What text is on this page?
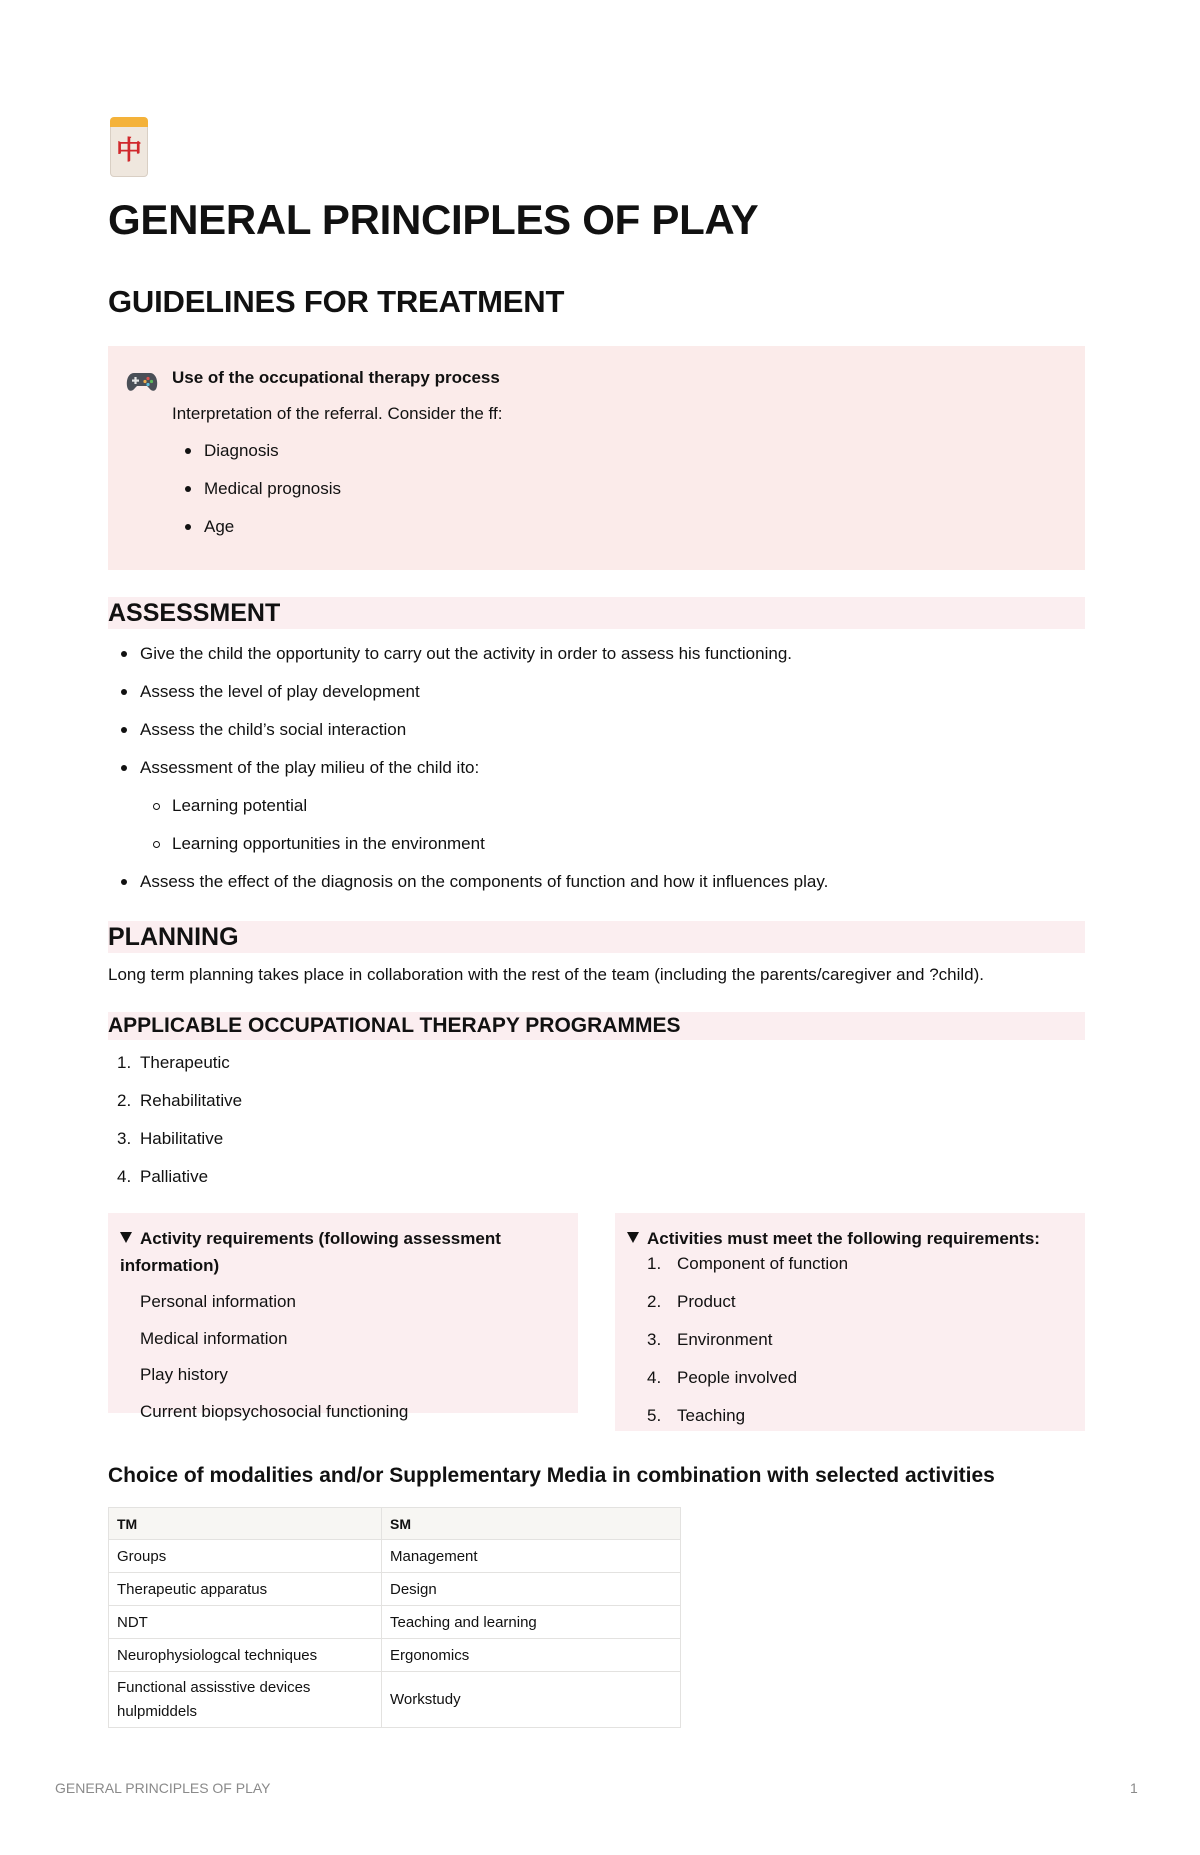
中
GENERAL PRINCIPLES OF PLAY
GUIDELINES FOR TREATMENT
Use of the occupational therapy process
Interpretation of the referral. Consider the ff:
Diagnosis
Medical prognosis
Age
ASSESSMENT
Give the child the opportunity to carry out the activity in order to assess his functioning.
Assess the level of play development
Assess the child’s social interaction
Assessment of the play milieu of the child ito:
Learning potential
Learning opportunities in the environment
Assess the effect of the diagnosis on the components of function and how it influences play.
PLANNING
Long term planning takes place in collaboration with the rest of the team (including the parents/caregiver and ?child).
APPLICABLE OCCUPATIONAL THERAPY PROGRAMMES
1. Therapeutic
2. Rehabilitative
3. Habilitative
4. Palliative
Activity requirements (following assessment information)
Personal information
Medical information
Play history
Current biopsychosocial functioning
Activities must meet the following requirements:
1. Component of function
2. Product
3. Environment
4. People involved
5. Teaching
Choice of modalities and/or Supplementary Media in combination with selected activities
TM	SM
Groups	Management
Therapeutic apparatus	Design
NDT	Teaching and learning
Neurophysiologcal techniques	Ergonomics
Functional assisstive devices hulpmiddels	Workstudy
GENERAL PRINCIPLES OF PLAY	1
